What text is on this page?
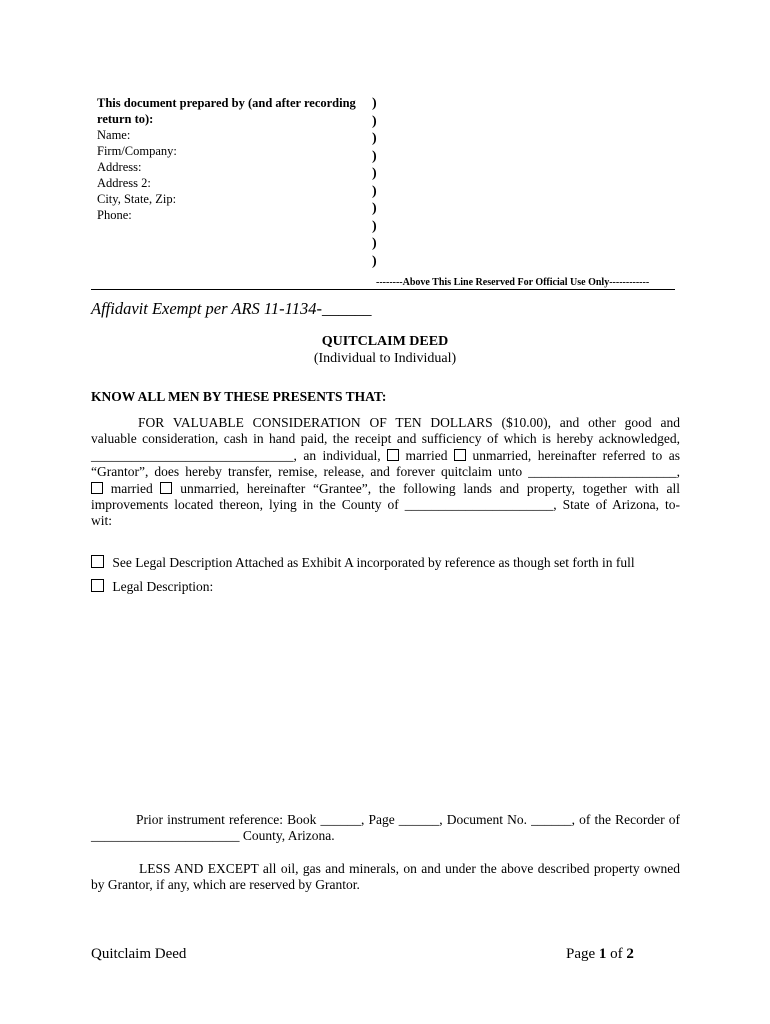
This document prepared by (and after recording
return to):
Name:
Firm/Company:
Address:
Address 2:
City, State, Zip:
Phone:
)
)
)
)
)
)
)
)
)
)
--------Above This Line Reserved For Official Use Only------------
Affidavit Exempt per ARS 11-1134-______
QUITCLAIM DEED
(Individual to Individual)
KNOW ALL MEN BY THESE PRESENTS THAT:
FOR VALUABLE CONSIDERATION OF TEN DOLLARS ($10.00), and other good and
valuable consideration, cash in hand paid, the receipt and sufficiency of which is hereby acknowledged,
______________________________, an individual, married unmarried, hereinafter referred to as
“Grantor”, does hereby transfer, remise, release, and forever quitclaim unto ______________________,
married unmarried, hereinafter “Grantee”, the following lands and property, together with all
improvements located thereon, lying in the County of ______________________, State of Arizona, to-
wit:
See Legal Description Attached as Exhibit A incorporated by reference as though set forth in full
Legal Description:
Prior instrument reference: Book ______, Page ______, Document No. ______, of the Recorder of
______________________ County, Arizona.
LESS AND EXCEPT all oil, gas and minerals, on and under the above described property owned
by Grantor, if any, which are reserved by Grantor.
Quitclaim Deed	Page 1 of 2
